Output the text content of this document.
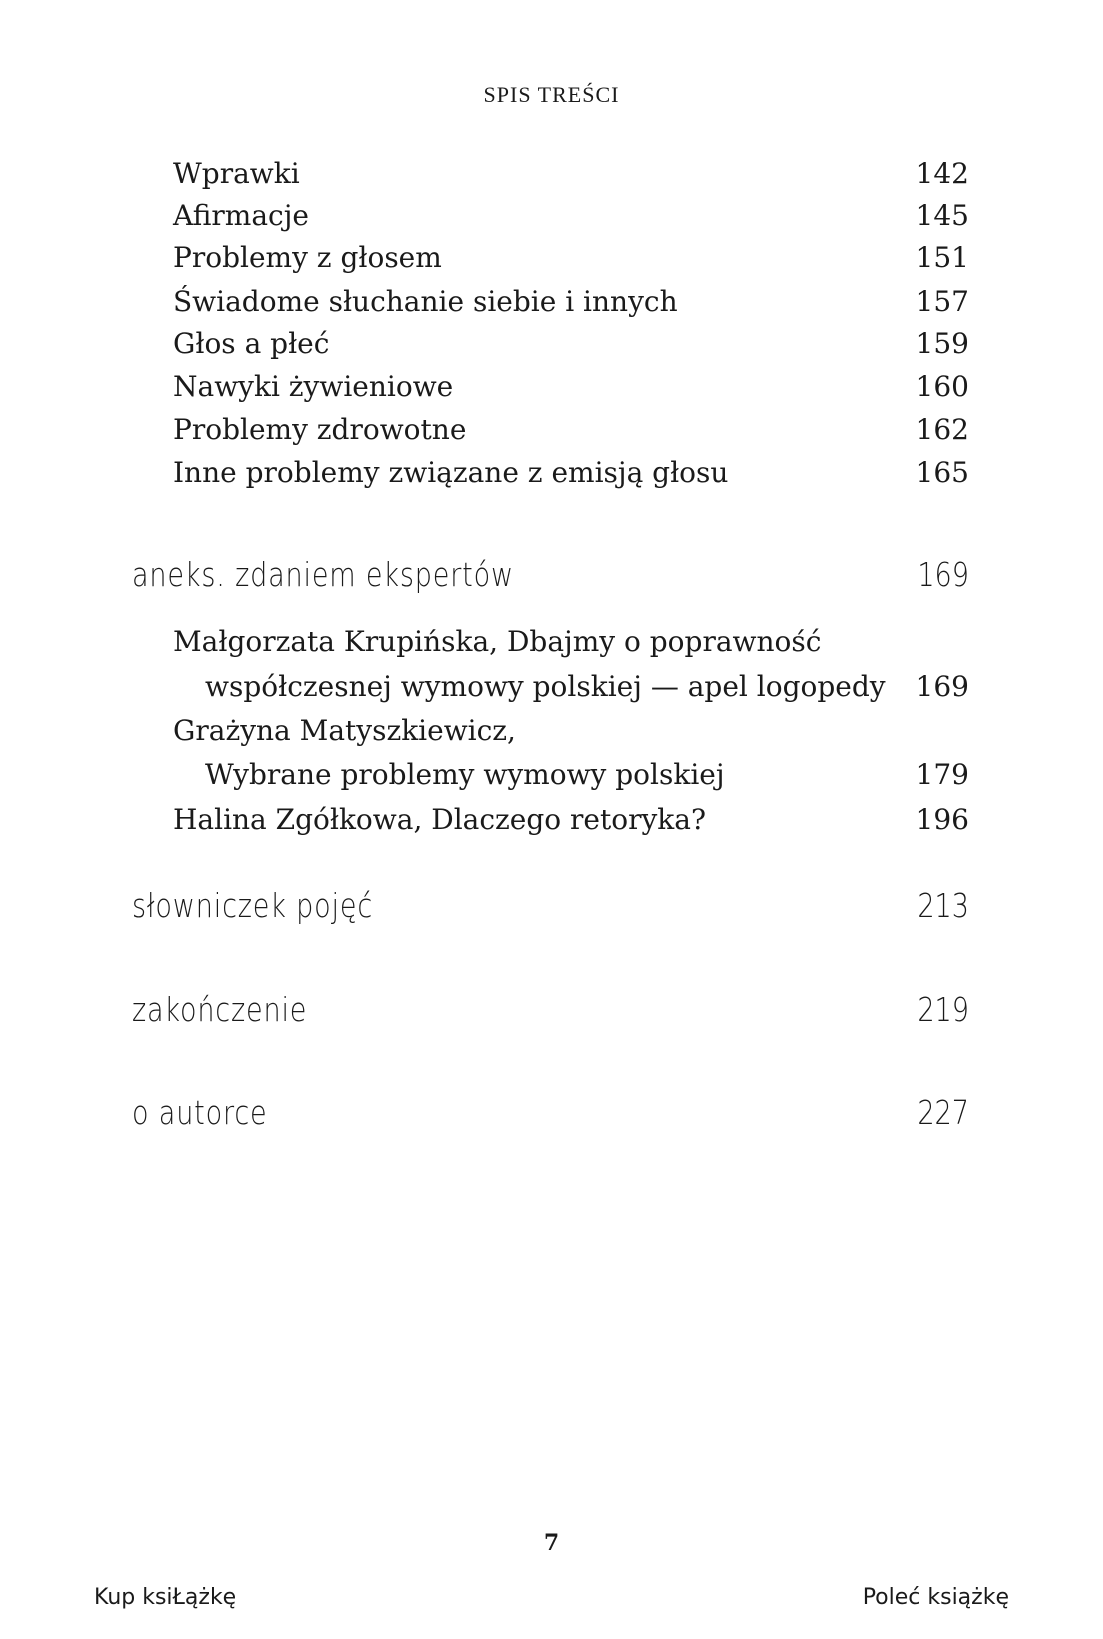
SPIS TREŚCI
Wprawki	142
Afirmacje	145
Problemy z głosem	151
Świadome słuchanie siebie i innych	157
Głos a płeć	159
Nawyki żywieniowe	160
Problemy zdrowotne	162
Inne problemy związane z emisją głosu	165
aneks. zdaniem ekspertów	169
Małgorzata Krupińska, Dbajmy o poprawność
współczesnej wymowy polskiej — apel logopedy 169
Grażyna Matyszkiewicz,
Wybrane problemy wymowy polskiej	179
Halina Zgółkowa, Dlaczego retoryka?	196
słowniczek pojęć	213
zakończenie	219
o autorce	227
7
Kup ksiŁążkę	Poleć książkę
